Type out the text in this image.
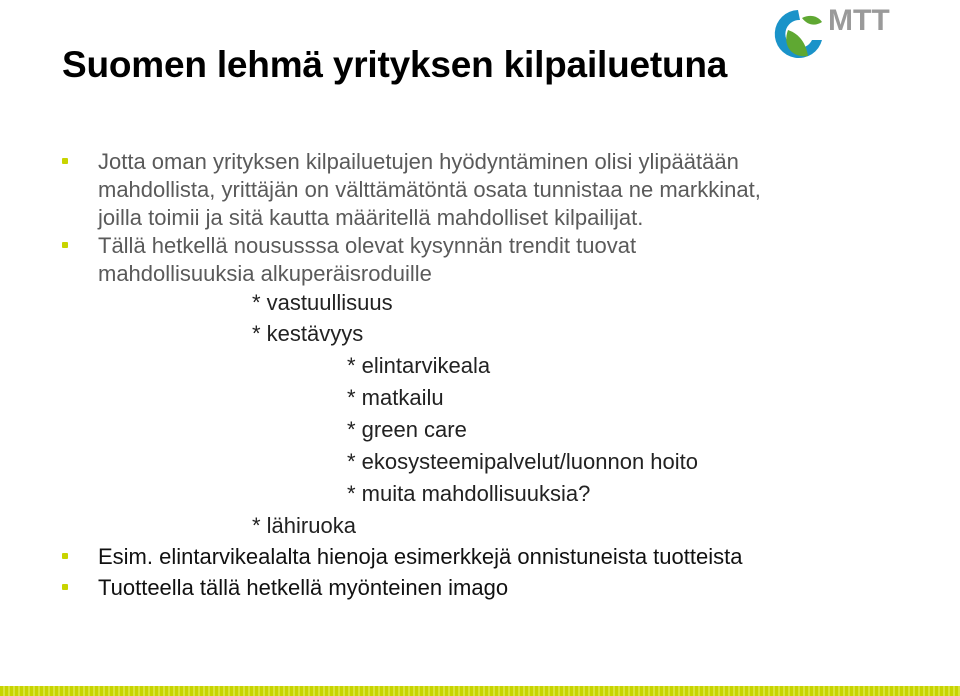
MTT
Suomen lehmä yrityksen kilpailuetuna
Jotta oman yrityksen kilpailuetujen hyödyntäminen olisi ylipäätään
mahdollista, yrittäjän on välttämätöntä osata tunnistaa ne markkinat,
joilla toimii ja sitä kautta määritellä mahdolliset kilpailijat.
Tällä hetkellä noususssa olevat kysynnän trendit tuovat
mahdollisuuksia alkuperäisroduille
* vastuullisuus
* kestävyys
* elintarvikeala
* matkailu
* green care
* ekosysteemipalvelut/luonnon hoito
* muita mahdollisuuksia?
* lähiruoka
Esim. elintarvikealalta hienoja esimerkkejä onnistuneista tuotteista
Tuotteella tällä hetkellä myönteinen imago
